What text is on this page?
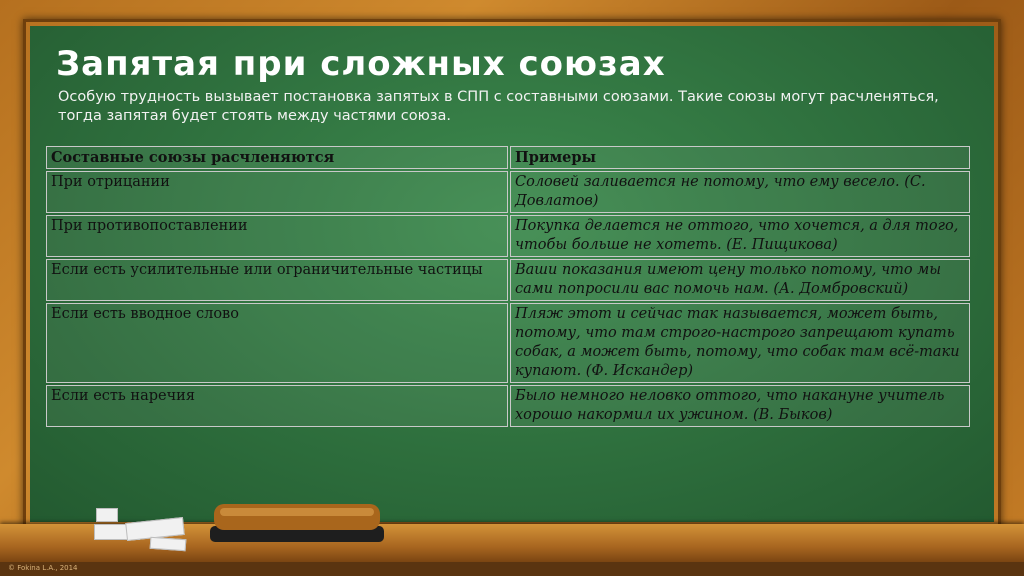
Запятая при сложных союзах
Особую трудность вызывает постановка запятых в СПП с составными союзами. Такие союзы могут расчленяться, тогда запятая будет стоять между частями союза.
Составные союзы расчленяются	Примеры
При отрицании	Соловей заливается не потому, что ему весело. (С. Довлатов)
При противопоставлении	Покупка делается не оттого, что хочется, а для того, чтобы больше не хотеть. (Е. Пищикова)
Если есть усилительные или ограничительные частицы	Ваши показания имеют цену только потому, что мы сами попросили вас помочь нам. (А. Домбровский)
Если есть вводное слово	Пляж этот и сейчас так называется, может быть, потому, что там строго-настрого запрещают купать собак, а может быть, потому, что собак там всё-таки купают. (Ф. Искандер)
Если есть наречия	Было немного неловко оттого, что накануне учитель хорошо накормил их ужином. (В. Быков)
© Fokina L.A., 2014
